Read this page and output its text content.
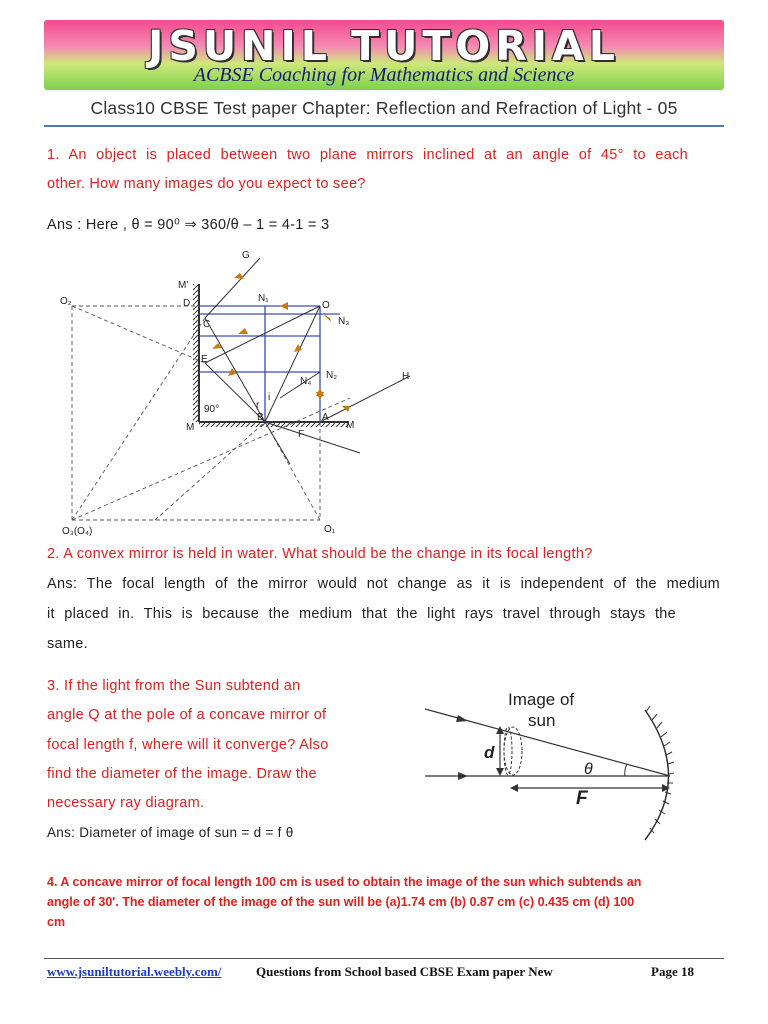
JSUNIL TUTORIAL
ACBSE Coaching for Mathematics and Science
Class10 CBSE Test paper Chapter: Reflection and Refraction of Light - 05
1. An object is placed between two plane mirrors inclined at an angle of 45° to each
other. How many images do you expect to see?
Ans : Here , θ = 90⁰ ⇒ 360/θ – 1 = 4-1 = 3
G
M'
D	N₁
O
O₂
C	N₃
E
N₂
N₄	H
i
r
90°
B	A
M	M
F
O₃(O₄)	O₁
2. A convex mirror is held in water. What should be the change in its focal length?
Ans: The focal length of the mirror would not change as it is independent of the medium
it placed in. This is because the medium that the light rays travel through stays the
same.
3. If the light from the Sun subtend an
angle Q at the pole of a concave mirror of
focal length f, where will it converge? Also
find the diameter of the image. Draw the
necessary ray diagram.
Ans: Diameter of image of sun = d = f θ
Image of
sun
d
θ
F
4. A concave mirror of focal length 100 cm is used to obtain the image of the sun which subtends an
angle of 30'. The diameter of the image of the sun will be (a)1.74 cm (b) 0.87 cm (c) 0.435 cm (d) 100
cm
www.jsuniltutorial.weebly.com/	Questions from School based CBSE Exam paper New	Page 18
